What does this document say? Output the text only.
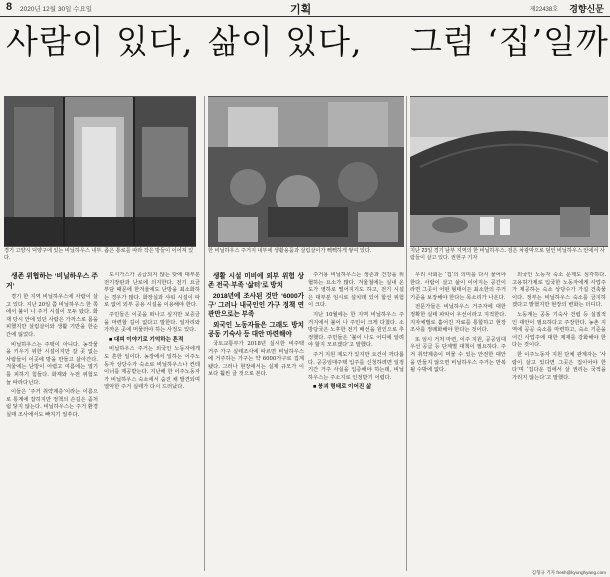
8 2020년 12월 30일 수요일	기획	제22438호 경향신문
사람이 있다, 삶이 있다, 그럼 ‘집’일까
경기 고양시 덕양구에 있는 비닐하우스 내부. 좁은 통로를 따라 작은 방들이 이어져 있다.
한 비닐하우스 주거지 내부에 생활용품과 살림살이가 빽빽하게 쌓여 있다.	지난 23일 경기 남부 지역의 한 비닐하우스. 검은 차광막으로 덮인 비닐하우스 안에서 사람들이 살고 있다. 권현구 기자

생존 위협하는 ‘비닐하우스 주거’

경기 한 지역 비닐하우스에 사람이 살고 있다. 지난 20일 쯤 비닐하우스 한 쪽에서 불이 나 주거 시설이 모두 탔다. 화재 당시 안에 있던 사람은 가까스로 몸을 피했지만 살림살이와 생활 기반을 한순간에 잃었다.

비닐하우스는 주택이 아니다. 농작물을 키우기 위한 시설이지만 갈 곳 없는 사람들이 이곳에 방을 만들고 살아간다. 겨울에는 난방이 어렵고 여름에는 열기를 피하기 힘들다. 화재와 누전 위험도 늘 따라다닌다.

이들은 ‘주거 취약계층’이라는 이름으로 통계에 잡히지만 정책의 손길은 좀처럼 닿지 않는다. 비닐하우스는 주거 환경 실태 조사에서도 빠지기 일쑤다.

도시가스가 공급되지 않는 탓에 대부분 전기장판과 난로에 의지한다. 전기 요금 부담 때문에 한겨울에도 난방을 최소화하는 경우가 많다. 화장실과 샤워 시설이 따로 없어 외부 공용 시설을 이용해야 한다.

주민들은 이곳을 떠나고 싶지만 보증금을 마련할 길이 없다고 말한다. 일자리와 가까운 곳에 머물러야 하는 사정도 있다.

■ 대피 이야기로 기억하는 흔적

비닐하우스 주거는 외국인 노동자에게도 흔한 일이다. 농장에서 일하는 이주노동자 상당수가 숙소로 비닐하우스나 컨테이너를 제공받는다. 지난해 한 이주노동자가 비닐하우스 숙소에서 숨진 채 발견되며 열악한 주거 실태가 다시 드러났다.

생활 시설 미비에 외부 위험 상존 전국·부족 ‘삶터’로 방치

2018년에 조사된 것만 ‘6000가구’ 그러나 내국인인 가구 정책 연관만으로는 부족

외국인 노동자들은 그래도 방치 공동 기숙사 등 대안 마련해야

국토교통부가 2018년 실시한 비주택 거주 가구 실태조사에 따르면 비닐하우스에 거주하는 가구는 약 6000가구로 집계됐다. 그러나 현장에서는 실제 규모가 이보다 훨씬 클 것으로 본다.

주거용 비닐하우스는 생존과 건강을 위협하는 요소가 많다. 겨울철에는 실내 온도가 영하로 떨어지기도 하고, 전기 시설은 대부분 임시로 설치돼 있어 합선 위험이 크다.

지난 10월에는 한 지역 비닐하우스 주거지에서 불이 나 주민이 크게 다쳤다. 소방당국은 노후한 전기 배선을 원인으로 추정했다. 주민들은 ‘불이 나도 어디에 알려야 할지 모르겠다’고 말했다.

주거 지원 제도가 있지만 요건이 까다롭다. 공공임대주택 입주를 신청하려면 일정 기간 거주 사실을 입증해야 하는데, 비닐하우스는 주소지로 인정받기 어렵다.

■ 붕괴 형태로 이어진 삶

우리 사회는 ‘집’의 의미를 다시 물어야 한다. 사람이 살고 삶이 이어지는 공간이라면 그곳이 어떤 형태이든 최소한의 주거 기준을 보장해야 한다는 목소리가 나온다.

전문가들은 비닐하우스 거주자에 대한 정확한 실태 파악이 우선이라고 지적한다. 지자체별로 흩어진 자료를 통합하고 현장 조사를 정례화해야 한다는 것이다.

또 임시 거처 마련, 이주 지원, 공공임대 우선 공급 등 단계별 대책이 필요하다. 주거 취약계층이 머물 수 있는 안전한 대안을 만들지 않으면 비닐하우스 주거는 반복될 수밖에 없다.

외국인 노동자 숙소 문제도 심각하다. 고용허가제로 입국한 노동자에게 사업주가 제공하는 숙소 상당수가 가설 건축물이다. 정부는 비닐하우스 숙소를 금지하겠다고 밝혔지만 현장의 변화는 더디다.

노동계는 공동 기숙사 건립 등 실질적인 대안이 필요하다고 주장한다. 농촌 지역에 공공 숙소를 마련하고, 숙소 기준을 어긴 사업주에 대한 제재를 강화해야 한다는 것이다.

한 이주노동자 지원 단체 관계자는 ‘사람이 살고 있다면 그곳은 집이어야 한다’며 ‘집다운 집에서 살 권리는 국적을 가리지 않는다’고 말했다.

김형규 기자 fresh@kyunghyang.com
